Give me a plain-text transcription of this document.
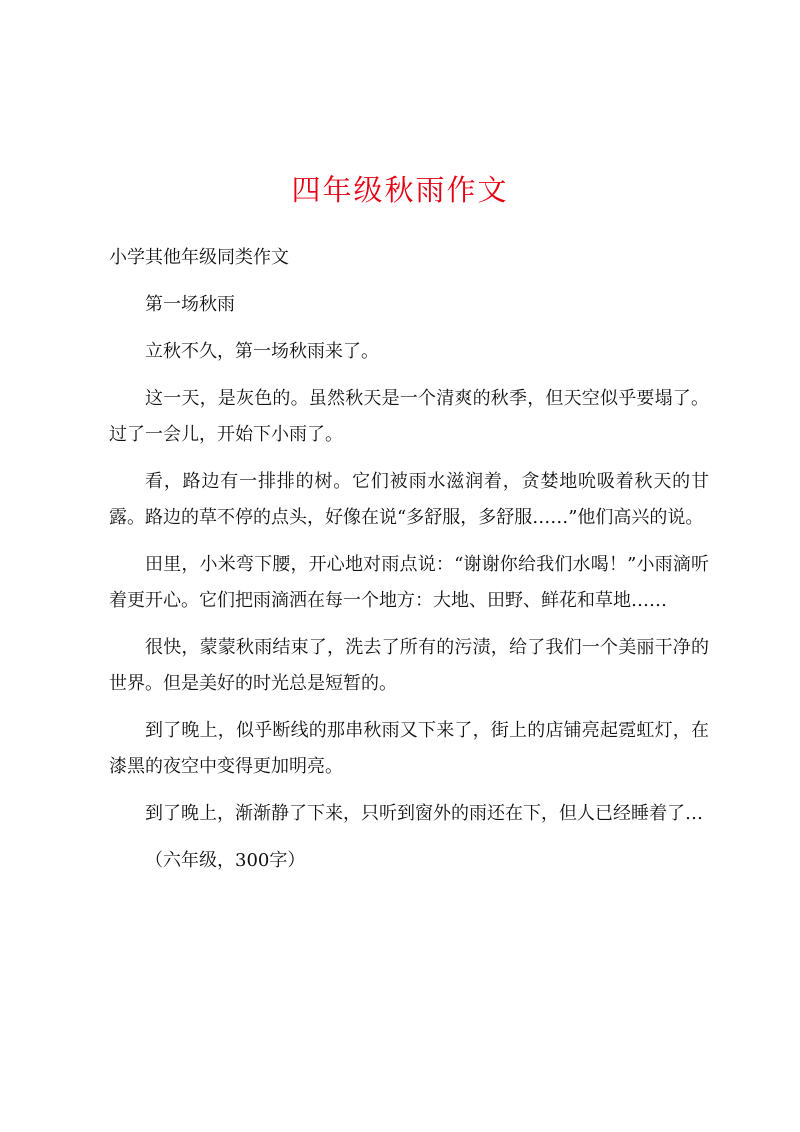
四年级秋雨作文

小学其他年级同类作文

第一场秋雨

立秋不久，第一场秋雨来了。

这一天，是灰色的。虽然秋天是一个清爽的秋季，但天空似乎要塌了。过了一会儿，开始下小雨了。

看，路边有一排排的树。它们被雨水滋润着，贪婪地吮吸着秋天的甘露。路边的草不停的点头，好像在说“多舒服，多舒服……”他们高兴的说。

田里，小米弯下腰，开心地对雨点说：“谢谢你给我们水喝！”小雨滴听着更开心。它们把雨滴洒在每一个地方：大地、田野、鲜花和草地……

很快，蒙蒙秋雨结束了，洗去了所有的污渍，给了我们一个美丽干净的世界。但是美好的时光总是短暂的。

到了晚上，似乎断线的那串秋雨又下来了，街上的店铺亮起霓虹灯，在漆黑的夜空中变得更加明亮。

到了晚上，渐渐静了下来，只听到窗外的雨还在下，但人已经睡着了…

（六年级，300字）
